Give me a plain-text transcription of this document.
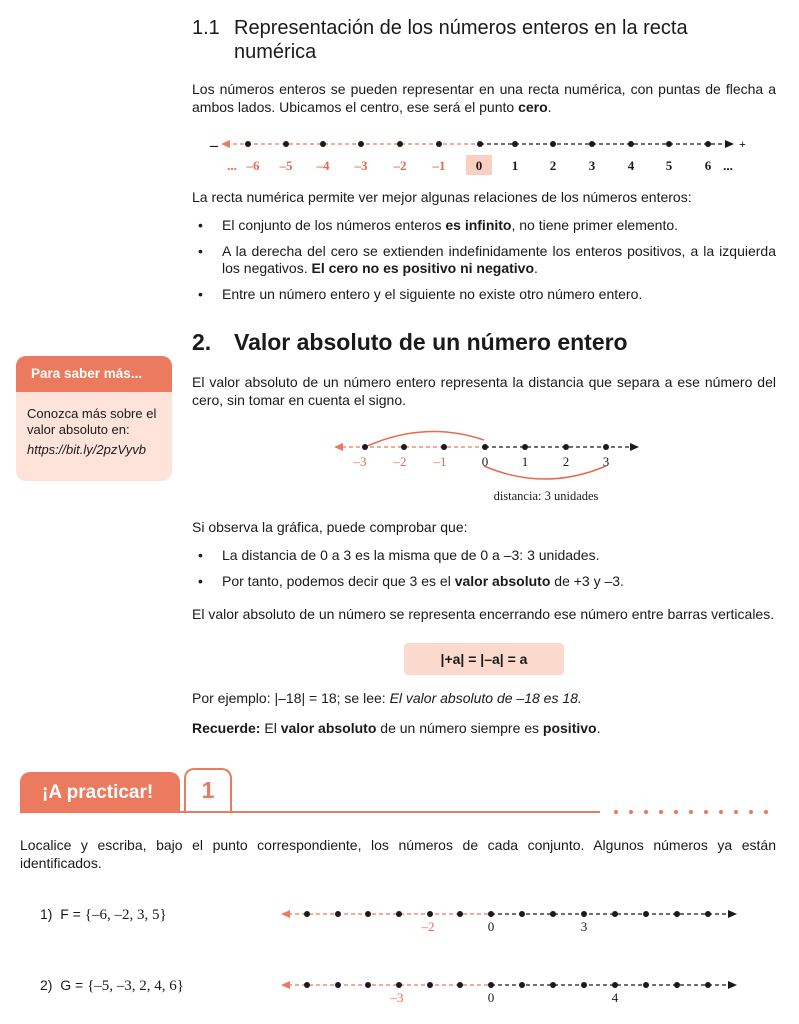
1.1 Representación de los números enteros en la recta numérica

Los números enteros se pueden representar en una recta numérica, con puntas de flecha a ambos lados. Ubicamos el centro, ese será el punto cero.

–	+
... –6 –5 –4 –3 –2 –1 0 1 2	3	4 5	6 ...

La recta numérica permite ver mejor algunas relaciones de los números enteros:

• El conjunto de los números enteros es infinito, no tiene primer elemento.
• A la derecha del cero se extienden indefinidamente los enteros positivos, a la izquierda los negativos. El cero no es positivo ni negativo.
• Entre un número entero y el siguiente no existe otro número entero.
2. Valor absoluto de un número entero
Para saber más...
Conozca más sobre el valor absoluto en:
https://bit.ly/2pzVyvb

El valor absoluto de un número entero representa la distancia que separa a ese número del cero, sin tomar en cuenta el signo.

–3 –2 –1	0	1	2	3
distancia: 3 unidades

Si observa la gráfica, puede comprobar que:

• La distancia de 0 a 3 es la misma que de 0 a –3: 3 unidades.
• Por tanto, podemos decir que 3 es el valor absoluto de +3 y –3.

El valor absoluto de un número se representa encerrando ese número entre barras verticales.

|+a| = |–a| = a

Por ejemplo: |–18| = 18; se lee: El valor absoluto de –18 es 18.

Recuerde: El valor absoluto de un número siempre es positivo.

¡A practicar!	1

Localice y escriba, bajo el punto correspondiente, los números de cada conjunto. Algunos números ya están identificados.

1) F = {–6, –2, 3, 5}
–2	0	3
2) G = {–5, –3, 2, 4, 6}
–3	0	4
